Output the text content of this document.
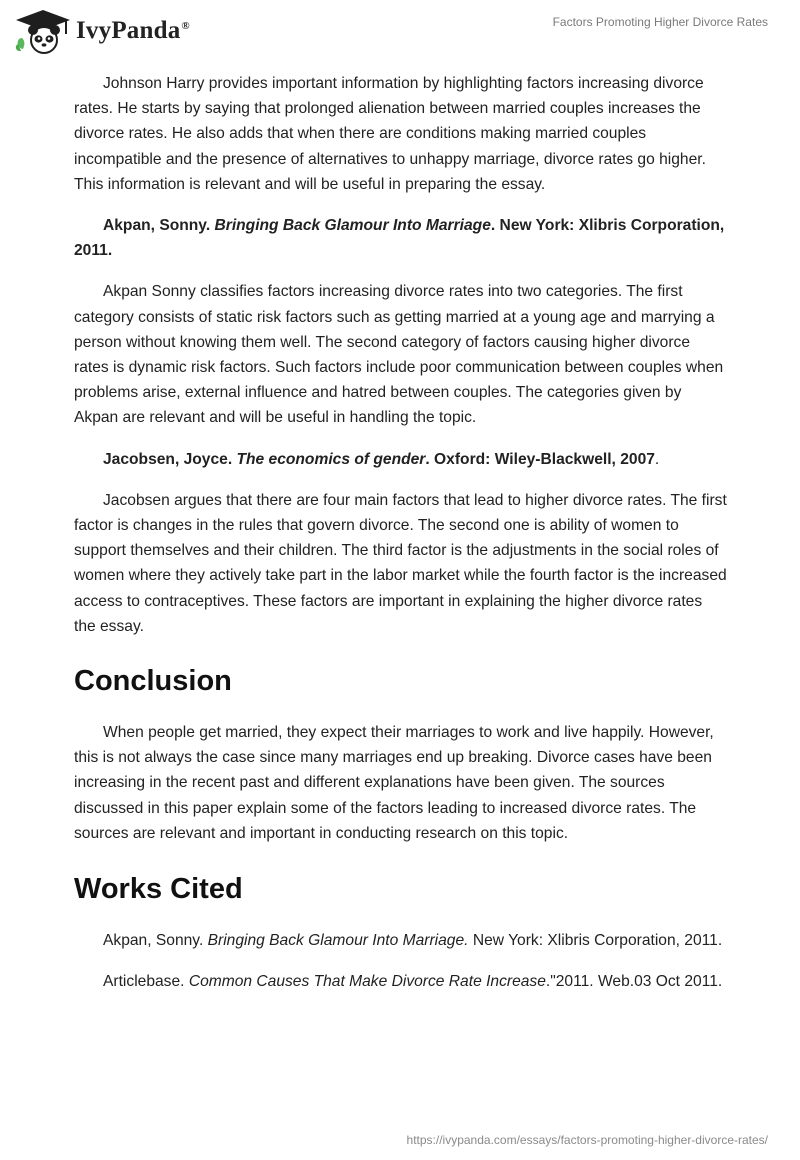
IvyPanda®	Factors Promoting Higher Divorce Rates

Johnson Harry provides important information by highlighting factors increasing divorce rates. He starts by saying that prolonged alienation between married couples increases the divorce rates. He also adds that when there are conditions making married couples incompatible and the presence of alternatives to unhappy marriage, divorce rates go higher. This information is relevant and will be useful in preparing the essay.

Akpan, Sonny. Bringing Back Glamour Into Marriage. New York: Xlibris Corporation, 2011.

Akpan Sonny classifies factors increasing divorce rates into two categories. The first category consists of static risk factors such as getting married at a young age and marrying a person without knowing them well. The second category of factors causing higher divorce rates is dynamic risk factors. Such factors include poor communication between couples when problems arise, external influence and hatred between couples. The categories given by Akpan are relevant and will be useful in handling the topic.

Jacobsen, Joyce. The economics of gender. Oxford: Wiley-Blackwell, 2007.

Jacobsen argues that there are four main factors that lead to higher divorce rates. The first factor is changes in the rules that govern divorce. The second one is ability of women to support themselves and their children. The third factor is the adjustments in the social roles of women where they actively take part in the labor market while the fourth factor is the increased access to contraceptives. These factors are important in explaining the higher divorce rates the essay.

Conclusion

When people get married, they expect their marriages to work and live happily. However, this is not always the case since many marriages end up breaking. Divorce cases have been increasing in the recent past and different explanations have been given. The sources discussed in this paper explain some of the factors leading to increased divorce rates. The sources are relevant and important in conducting research on this topic.

Works Cited

Akpan, Sonny. Bringing Back Glamour Into Marriage. New York: Xlibris Corporation, 2011.

Articlebase. Common Causes That Make Divorce Rate Increase."2011. Web.03 Oct 2011.

https://ivypanda.com/essays/factors-promoting-higher-divorce-rates/
